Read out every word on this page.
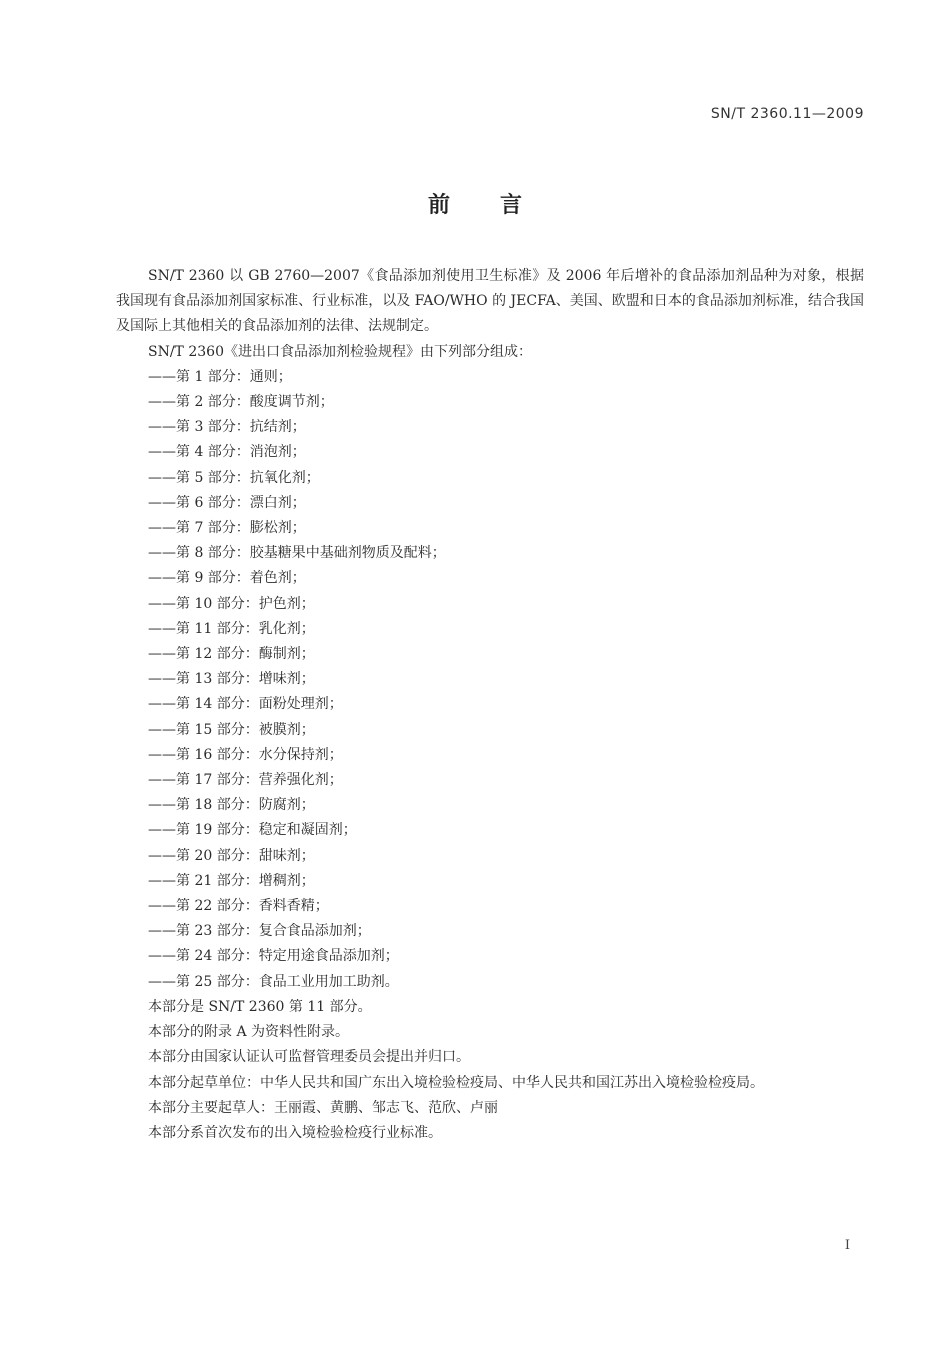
SN/T 2360.11—2009
前言

SN/T 2360 以 GB 2760—2007《食品添加剂使用卫生标准》及 2006 年后增补的食品添加剂品种为对象，根据我国现有食品添加剂国家标准、行业标准，以及 FAO/WHO 的 JECFA、美国、欧盟和日本的食品添加剂标准，结合我国及国际上其他相关的食品添加剂的法律、法规制定。

SN/T 2360《进出口食品添加剂检验规程》由下列部分组成：

——第 1 部分：通则；
——第 2 部分：酸度调节剂；
——第 3 部分：抗结剂；
——第 4 部分：消泡剂；
——第 5 部分：抗氧化剂；
——第 6 部分：漂白剂；
——第 7 部分：膨松剂；
——第 8 部分：胶基糖果中基础剂物质及配料；
——第 9 部分：着色剂；
——第 10 部分：护色剂；
——第 11 部分：乳化剂；
——第 12 部分：酶制剂；
——第 13 部分：增味剂；
——第 14 部分：面粉处理剂；
——第 15 部分：被膜剂；
——第 16 部分：水分保持剂；
——第 17 部分：营养强化剂；
——第 18 部分：防腐剂；
——第 19 部分：稳定和凝固剂；
——第 20 部分：甜味剂；
——第 21 部分：增稠剂；
——第 22 部分：香料香精；
——第 23 部分：复合食品添加剂；
——第 24 部分：特定用途食品添加剂；
——第 25 部分：食品工业用加工助剂。

本部分是 SN/T 2360 第 11 部分。

本部分的附录 A 为资料性附录。

本部分由国家认证认可监督管理委员会提出并归口。

本部分起草单位：中华人民共和国广东出入境检验检疫局、中华人民共和国江苏出入境检验检疫局。

本部分主要起草人：王丽霞、黄鹏、邹志飞、范欣、卢丽

本部分系首次发布的出入境检验检疫行业标准。

I
